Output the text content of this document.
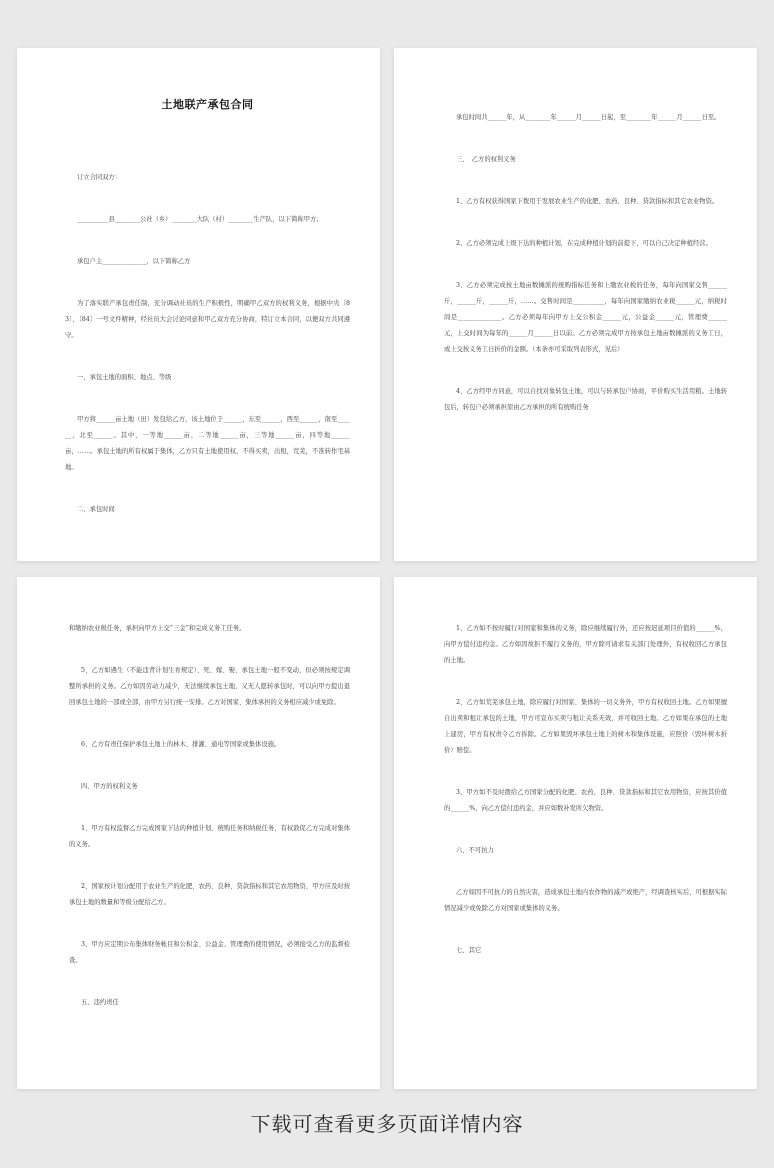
土地联产承包合同

订立合同双方：

__________县________公社（乡）________大队（村）________生产队，以下简称甲方；

承包户主______________，以下简称乙方

为了落实联产承包责任制，充分调动社员的生产积极性，明确甲乙双方的权利义务，根据中央〔83〕、〔84〕一号文件精神，经社员大会讨论同意和甲乙双方充分协商，特订立本合同，以便双方共同遵守。

一、承包土地的面积、地点、等级

甲方将______亩土地（田）发包给乙方，该土地位于______，东至______，西至______，南至______，北至______。其中，一等地______亩，二等地______亩，三等地______亩，四等地______亩，……。承包土地的所有权属于集体，乙方只有土地使用权，不得买卖，出租，荒芜，不准转作宅基地。

二、承包时间

承包时间共______年，从________年______月______日起，至________年______月______日至。

三、　乙方的权利义务

1、乙方有权获得国家下拨用于发展农业生产的化肥、农药、良种、贷款指标和其它农业物资。

2、乙方必须完成上级下达的种植计划，在完成种植计划的前提下，可以自己决定种植经营。

3、乙方必须完成按土地亩数摊派的统购指标任务和上缴农业税的任务，每年向国家交售______斤，______斤，______斤，……。交售时间是__________，每年向国家缴纳农业税______元，纳税时间是______________。乙方必须每年向甲方上交公积金______元，公益金______元，管理费______元，上交时间为每年的______月______日以前。乙方必须完成甲方按承包土地亩数摊派的义务工日，或上交按义务工日折价的金额。（本条亦可采取列表形式，见后）

4、乙方经甲方同意，可以自找对象转包土地，可以与转承包户协商，平价购买生活用粮。土地转包后，转包户必须承担原由乙方承担的所有统购任务

和缴纳农业税任务，承担向甲方上交“三金”和完成义务工任务。

5、乙方如遇生（不能违背计划生育规定）、死、嫁、娶，承包土地一般不变动，但必须按规定调整所承担的义务。乙方如因劳动力减少，无法继续承包土地，又无人愿转承包时，可以向甲方提出退回承包土地的一部或全部，由甲方另行统一安排。乙方对国家、集体承担的义务相应减少或免除。

6、乙方有责任保护承包土地上的林木、排灌、通电等国家或集体设施。

四、甲方的权利义务

1、甲方有权监督乙方完成国家下达的种植计划、统购任务和纳税任务，有权敦促乙方完成对集体的义务。

2、国家按计划分配用于农业生产的化肥、农药、良种、贷款指标和其它农用物资，甲方应及时按承包土地的数量和等级分配给乙方。

3、甲方应定期公布集体财务帐目和公积金、公益金、管理费的使用情况，必须接受乙方的监督检查。

五、违约责任

1、乙方如不按时履行对国家和集体的义务，除应继续履行外，还应按迟延项目价值的______%，向甲方偿付违约金。乙方如因故拒不履行义务的，甲方除可请求有关部门处理外，有权收回乙方承包的土地。

2、乙方如荒芜承包土地，除应履行对国家、集体的一切义务外，甲方有权收回土地。乙方如果擅自出卖和租让承包的土地，甲方可宣布买卖与租让关系无效，并可收回土地。乙方如果在承包的土地上建房，甲方有权责令乙方拆除。乙方如果毁坏承包土地上的树木和集体设施，应照价（毁坏树木折价）赔偿。

3、甲方如不及时拨给乙方国家分配的化肥、农药、良种、贷款指标和其它农用物资，应按其价值的______%，向乙方偿付违约金，并应如数补发所欠物资。

六、不可抗力

乙方如因不可抗力的自然灾害，造成承包土地内农作物的减产或绝产，经调查核实后，可根据实际情况减少或免除乙方对国家或集体的义务。

七、其它

下载可查看更多页面详情内容
